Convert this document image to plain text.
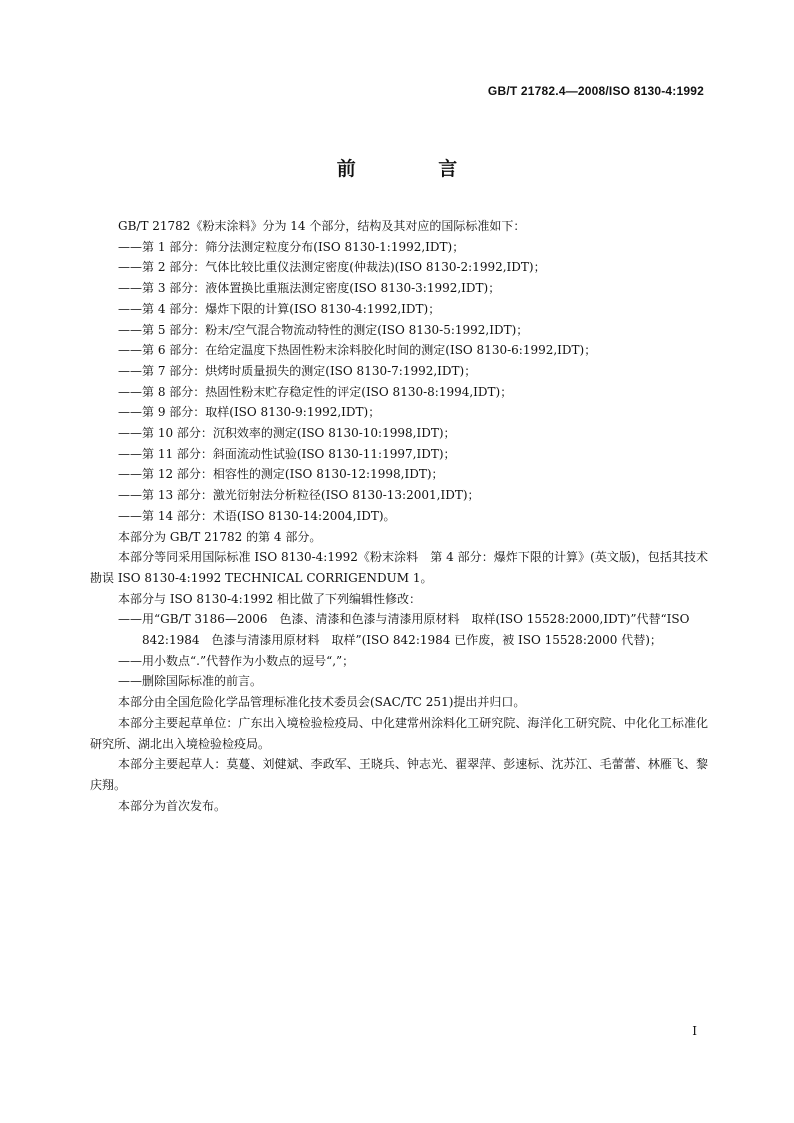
GB/T 21782.4—2008/ISO 8130-4:1992
前 言

GB/T 21782《粉末涂料》分为 14 个部分，结构及其对应的国际标准如下：

——第 1 部分：筛分法测定粒度分布(ISO 8130-1:1992,IDT)；

——第 2 部分：气体比较比重仪法测定密度(仲裁法)(ISO 8130-2:1992,IDT)；

——第 3 部分：液体置换比重瓶法测定密度(ISO 8130-3:1992,IDT)；

——第 4 部分：爆炸下限的计算(ISO 8130-4:1992,IDT)；

——第 5 部分：粉末/空气混合物流动特性的测定(ISO 8130-5:1992,IDT)；

——第 6 部分：在给定温度下热固性粉末涂料胶化时间的测定(ISO 8130-6:1992,IDT)；

——第 7 部分：烘烤时质量损失的测定(ISO 8130-7:1992,IDT)；

——第 8 部分：热固性粉末贮存稳定性的评定(ISO 8130-8:1994,IDT)；

——第 9 部分：取样(ISO 8130-9:1992,IDT)；

——第 10 部分：沉积效率的测定(ISO 8130-10:1998,IDT)；

——第 11 部分：斜面流动性试验(ISO 8130-11:1997,IDT)；

——第 12 部分：相容性的测定(ISO 8130-12:1998,IDT)；

——第 13 部分：激光衍射法分析粒径(ISO 8130-13:2001,IDT)；

——第 14 部分：术语(ISO 8130-14:2004,IDT)。

本部分为 GB/T 21782 的第 4 部分。

本部分等同采用国际标准 ISO 8130-4:1992《粉末涂料　第 4 部分：爆炸下限的计算》(英文版)，包括其技术勘误 ISO 8130-4:1992 TECHNICAL CORRIGENDUM 1。

本部分与 ISO 8130-4:1992 相比做了下列编辑性修改：

——用“GB/T 3186—2006　色漆、清漆和色漆与清漆用原材料　取样(ISO 15528:2000,IDT)”代替“ISO 842:1984　色漆与清漆用原材料　取样”(ISO 842:1984 已作废，被 ISO 15528:2000 代替)；

——用小数点“.”代替作为小数点的逗号“,”；

——删除国际标准的前言。

本部分由全国危险化学品管理标准化技术委员会(SAC/TC 251)提出并归口。

本部分主要起草单位：广东出入境检验检疫局、中化建常州涂料化工研究院、海洋化工研究院、中化化工标准化研究所、湖北出入境检验检疫局。

本部分主要起草人：莫蔓、刘健斌、李政军、王晓兵、钟志光、翟翠萍、彭速标、沈苏江、毛蕾蕾、林雁飞、黎庆翔。

本部分为首次发布。

I
